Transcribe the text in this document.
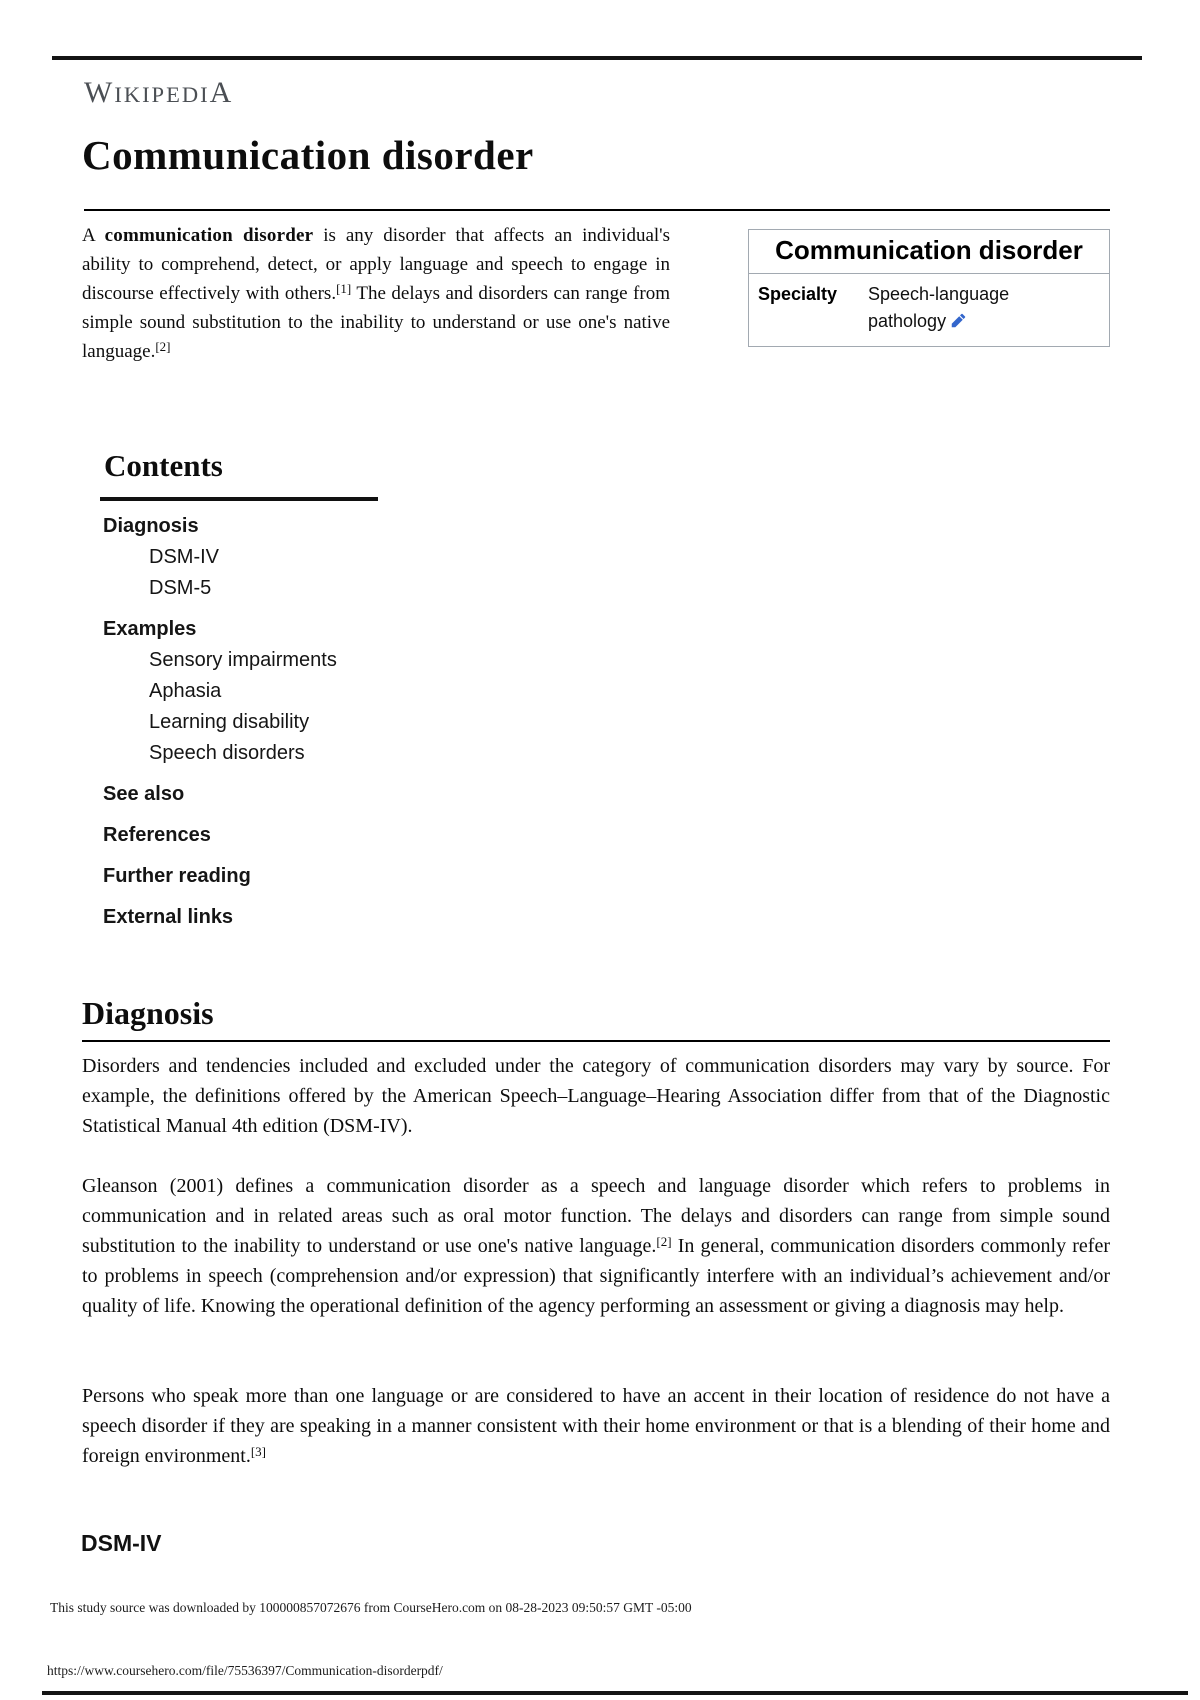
WIKIPEDIA
Communication disorder

A communication disorder is any disorder that affects an individual's ability to comprehend, detect, or apply language and speech to engage in discourse effectively with others.[1] The delays and disorders can range from simple sound substitution to the inability to understand or use one's native language.[2]

Communication disorder
Specialty	Speech-language pathology
Contents
Diagnosis
DSM-IV
DSM-5
Examples
Sensory impairments
Aphasia
Learning disability
Speech disorders
See also
References
Further reading
External links
Diagnosis

Disorders and tendencies included and excluded under the category of communication disorders may vary by source. For example, the definitions offered by the American Speech–Language–Hearing Association differ from that of the Diagnostic Statistical Manual 4th edition (DSM-IV).

Gleanson (2001) defines a communication disorder as a speech and language disorder which refers to problems in communication and in related areas such as oral motor function. The delays and disorders can range from simple sound substitution to the inability to understand or use one's native language.[2] In general, communication disorders commonly refer to problems in speech (comprehension and/or expression) that significantly interfere with an individual’s achievement and/or quality of life. Knowing the operational definition of the agency performing an assessment or giving a diagnosis may help.

Persons who speak more than one language or are considered to have an accent in their location of residence do not have a speech disorder if they are speaking in a manner consistent with their home environment or that is a blending of their home and foreign environment.[3]

DSM-IV
This study source was downloaded by 100000857072676 from CourseHero.com on 08-28-2023 09:50:57 GMT -05:00
https://www.coursehero.com/file/75536397/Communication-disorderpdf/
